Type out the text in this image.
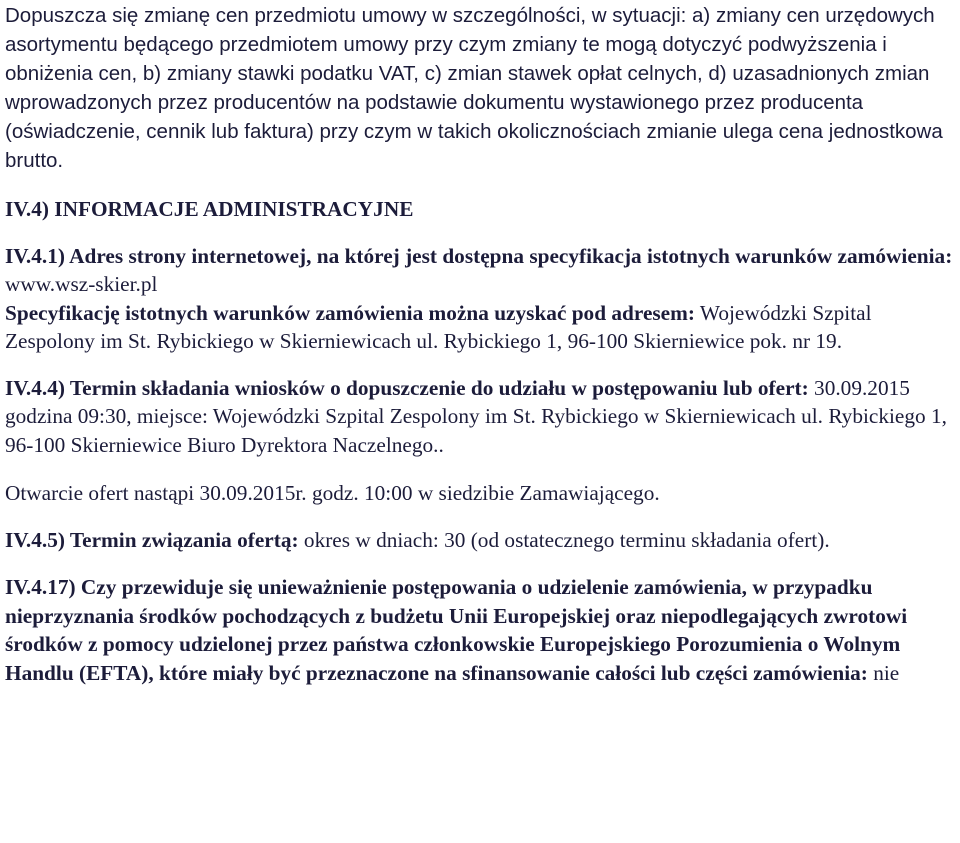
Dopuszcza się zmianę cen przedmiotu umowy w szczególności, w sytuacji: a) zmiany cen urzędowych asortymentu będącego przedmiotem umowy przy czym zmiany te mogą dotyczyć podwyższenia i obniżenia cen, b) zmiany stawki podatku VAT, c) zmian stawek opłat celnych, d) uzasadnionych zmian wprowadzonych przez producentów na podstawie dokumentu wystawionego przez producenta (oświadczenie, cennik lub faktura) przy czym w takich okolicznościach zmianie ulega cena jednostkowa brutto.

IV.4) INFORMACJE ADMINISTRACYJNE

IV.4.1) Adres strony internetowej, na której jest dostępna specyfikacja istotnych warunków zamówienia: www.wsz-skier.pl

Specyfikację istotnych warunków zamówienia można uzyskać pod adresem: Wojewódzki Szpital Zespolony im St. Rybickiego w Skierniewicach ul. Rybickiego 1, 96-100 Skierniewice pok. nr 19.

IV.4.4) Termin składania wniosków o dopuszczenie do udziału w postępowaniu lub ofert: 30.09.2015 godzina 09:30, miejsce: Wojewódzki Szpital Zespolony im St. Rybickiego w Skierniewicach ul. Rybickiego 1, 96-100 Skierniewice Biuro Dyrektora Naczelnego..

Otwarcie ofert nastąpi 30.09.2015r. godz. 10:00 w siedzibie Zamawiającego.

IV.4.5) Termin związania ofertą: okres w dniach: 30 (od ostatecznego terminu składania ofert).

IV.4.17) Czy przewiduje się unieważnienie postępowania o udzielenie zamówienia, w przypadku nieprzyznania środków pochodzących z budżetu Unii Europejskiej oraz niepodlegających zwrotowi środków z pomocy udzielonej przez państwa członkowskie Europejskiego Porozumienia o Wolnym Handlu (EFTA), które miały być przeznaczone na sfinansowanie całości lub części zamówienia: nie
